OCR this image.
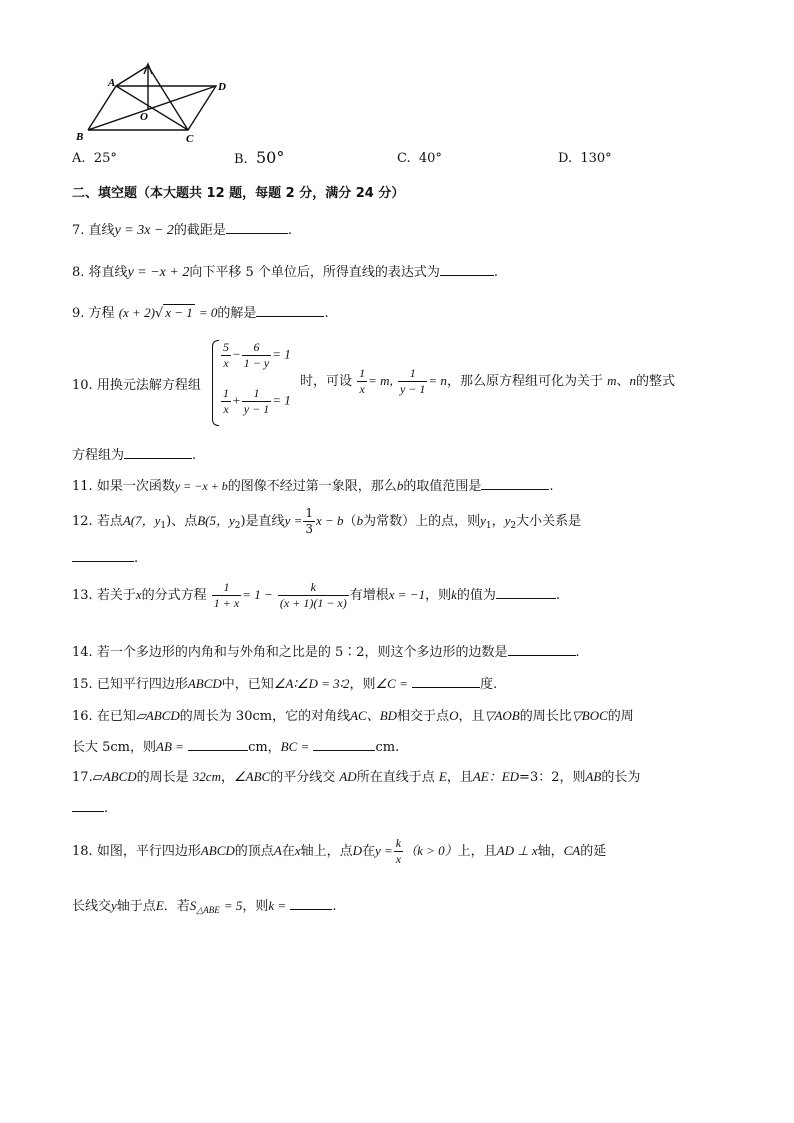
A
B	C
D
O
A. 25°	B. 50°	C. 40°	D. 130°
二、填空题（本大题共 12 题，每题 2 分，满分 24 分）
7. 直线y = 3x − 2的截距是	.
8. 将直线y = −x + 2向下平移 5 个单位后，所得直线的表达式为	.
9. 方程 (x + 2)√ x − 1 = 0的解是	.
10. 用换元法解方程组
$\frac{5}{x} - \frac{6}{1 - y} = 1$
$\frac{1}{x} + \frac{1}{y - 1} = 1$
时，可设 $\frac{1}{x} = m$, $\frac{1}{y - 1} = n$，那么原方程组可化为关于 m、n的整式
方程组为	.
11. 如果一次函数y = −x + b的图像不经过第一象限，那么b的取值范围是	.
12. 若点A(7，$y_1$)、点B(5，$y_2$)是直线$y = \frac{1}{3}$ x − b（b为常数）上的点，则$y_1$，$y_2$大小关系是
.
13. 若关于x的分式方程 $\frac{1}{1 + x} = 1 - \frac{k}{(x + 1)(1 - x)}$ 有增根x = −1，则k的值为	.
14. 若一个多边形的内角和与外角和之比是的 5∶2，则这个多边形的边数是	.
15. 已知平行四边形ABCD中，已知∠A∶∠D = 3∶2，则∠C =	度.
16. 在已知▱ABCD的周长为 30cm，它的对角线AC、BD相交于点O，且▽AOB的周长比▽BOC的周
长大 5cm，则AB =	cm，BC =	cm.
17.▱ABCD的周长是 32cm，∠ABC的平分线交 AD所在直线于点 E，且AE：ED=3：2，则AB的长为
.
18. 如图，平行四边形ABCD的顶点A在x轴上，点D在$y = \frac{k}{x} (k > 0)$上，且AD ⊥ x轴，CA的延
长线交y轴于点E．若$S_{\triangle ABE} = 5$，则k =	.
